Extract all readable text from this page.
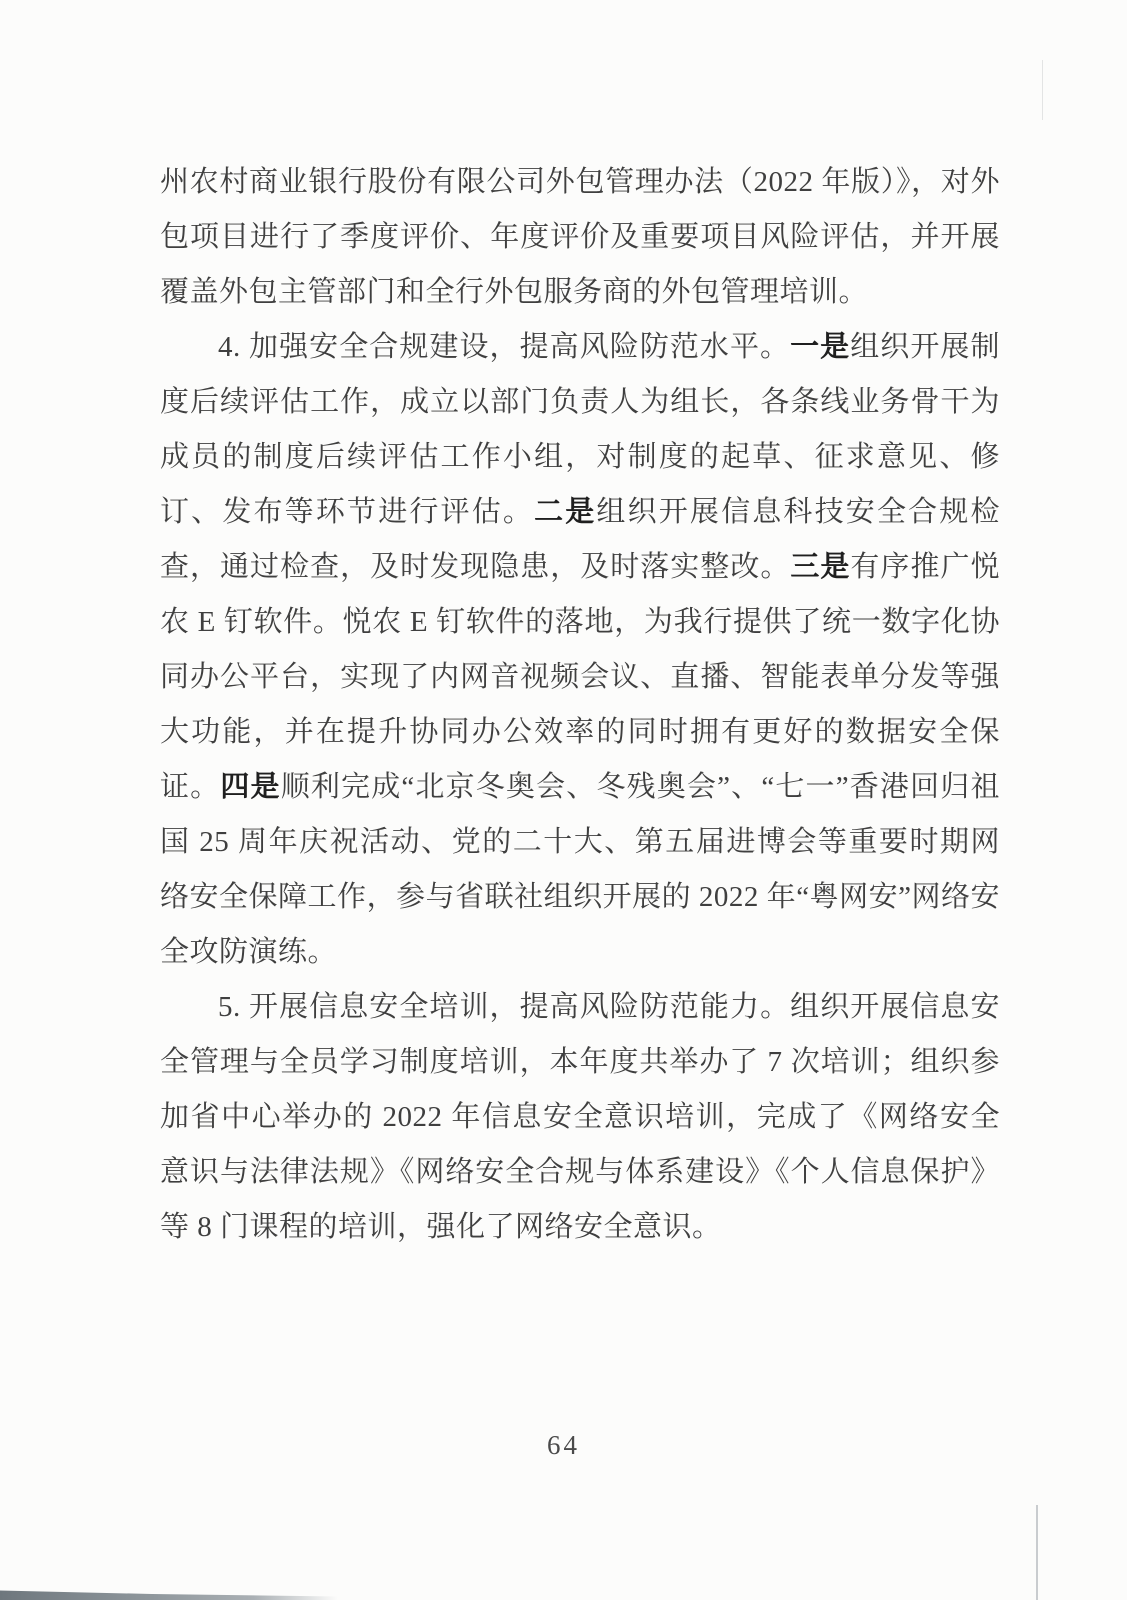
州农村商业银行股份有限公司外包管理办法（2022 年版）》，对外包项目进行了季度评价、年度评价及重要项目风险评估，并开展覆盖外包主管部门和全行外包服务商的外包管理培训。

4. 加强安全合规建设，提高风险防范水平。一是组织开展制度后续评估工作，成立以部门负责人为组长，各条线业务骨干为成员的制度后续评估工作小组，对制度的起草、征求意见、修订、发布等环节进行评估。二是组织开展信息科技安全合规检查，通过检查，及时发现隐患，及时落实整改。三是有序推广悦农 E 钉软件。悦农 E 钉软件的落地，为我行提供了统一数字化协同办公平台，实现了内网音视频会议、直播、智能表单分发等强大功能，并在提升协同办公效率的同时拥有更好的数据安全保证。四是顺利完成“北京冬奥会、冬残奥会”、“七一”香港回归祖国 25 周年庆祝活动、党的二十大、第五届进博会等重要时期网络安全保障工作，参与省联社组织开展的 2022 年“粤网安”网络安全攻防演练。

5. 开展信息安全培训，提高风险防范能力。组织开展信息安全管理与全员学习制度培训，本年度共举办了 7 次培训；组织参加省中心举办的 2022 年信息安全意识培训，完成了《网络安全意识与法律法规》《网络安全合规与体系建设》《个人信息保护》等 8 门课程的培训，强化了网络安全意识。

64
